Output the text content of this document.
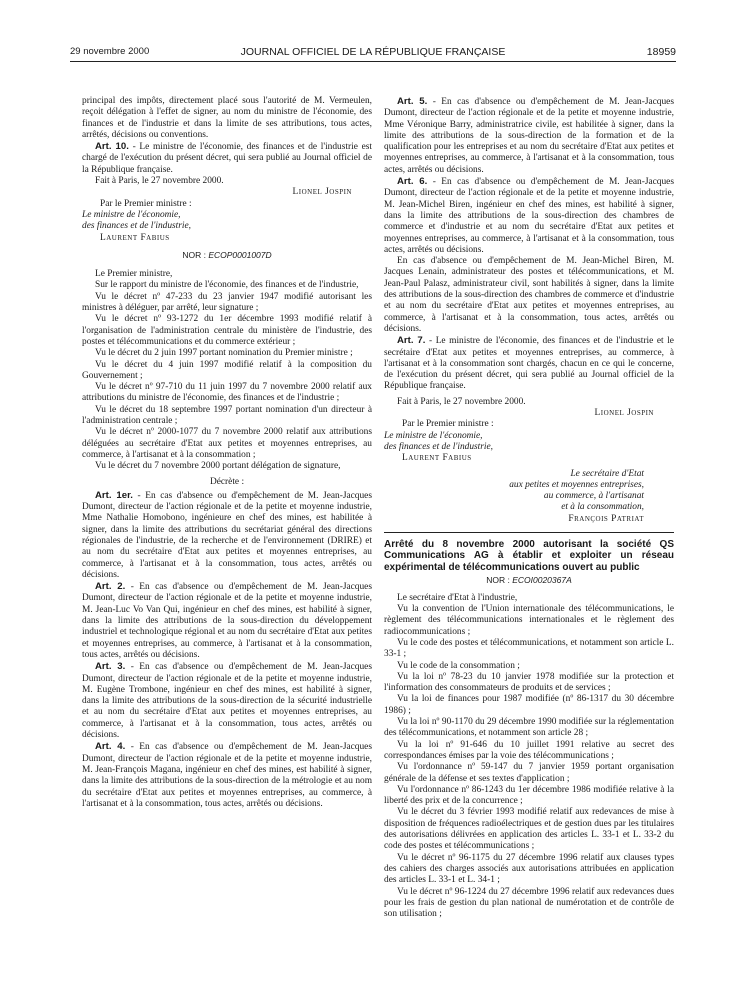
29 novembre 2000	JOURNAL OFFICIEL DE LA RÉPUBLIQUE FRANÇAISE	18959

principal des impôts, directement placé sous l'autorité de M. Vermeulen, reçoit délégation à l'effet de signer, au nom du ministre de l'économie, des finances et de l'industrie et dans la limite de ses attributions, tous actes, arrêtés, décisions ou conventions.

Art. 10. - Le ministre de l'économie, des finances et de l'industrie est chargé de l'exécution du présent décret, qui sera publié au Journal officiel de la République française.

Fait à Paris, le 27 novembre 2000.

Lionel Jospin

Par le Premier ministre :

Le ministre de l'économie,

des finances et de l'industrie,

Laurent Fabius

NOR : ECOP0001007D

Le Premier ministre,

Sur le rapport du ministre de l'économie, des finances et de l'industrie,

Vu le décret nº 47-233 du 23 janvier 1947 modifié autorisant les ministres à déléguer, par arrêté, leur signature ;

Vu le décret nº 93-1272 du 1er décembre 1993 modifié relatif à l'organisation de l'administration centrale du ministère de l'industrie, des postes et télécommunications et du commerce extérieur ;

Vu le décret du 2 juin 1997 portant nomination du Premier ministre ;

Vu le décret du 4 juin 1997 modifié relatif à la composition du Gouvernement ;

Vu le décret nº 97-710 du 11 juin 1997 du 7 novembre 2000 relatif aux attributions du ministre de l'économie, des finances et de l'industrie ;

Vu le décret du 18 septembre 1997 portant nomination d'un directeur à l'administration centrale ;

Vu le décret nº 2000-1077 du 7 novembre 2000 relatif aux attributions déléguées au secrétaire d'Etat aux petites et moyennes entreprises, au commerce, à l'artisanat et à la consommation ;

Vu le décret du 7 novembre 2000 portant délégation de signature,

Décrète :

Art. 1er. - En cas d'absence ou d'empêchement de M. Jean-Jacques Dumont, directeur de l'action régionale et de la petite et moyenne industrie, Mme Nathalie Homobono, ingénieure en chef des mines, est habilitée à signer, dans la limite des attributions du secrétariat général des directions régionales de l'industrie, de la recherche et de l'environnement (DRIRE) et au nom du secrétaire d'Etat aux petites et moyennes entreprises, au commerce, à l'artisanat et à la consommation, tous actes, arrêtés ou décisions.

Art. 2. - En cas d'absence ou d'empêchement de M. Jean-Jacques Dumont, directeur de l'action régionale et de la petite et moyenne industrie, M. Jean-Luc Vo Van Qui, ingénieur en chef des mines, est habilité à signer, dans la limite des attributions de la sous-direction du développement industriel et technologique régional et au nom du secrétaire d'Etat aux petites et moyennes entreprises, au commerce, à l'artisanat et à la consommation, tous actes, arrêtés ou décisions.

Art. 3. - En cas d'absence ou d'empêchement de M. Jean-Jacques Dumont, directeur de l'action régionale et de la petite et moyenne industrie, M. Eugène Trombone, ingénieur en chef des mines, est habilité à signer, dans la limite des attributions de la sous-direction de la sécurité industrielle et au nom du secrétaire d'Etat aux petites et moyennes entreprises, au commerce, à l'artisanat et à la consommation, tous actes, arrêtés ou décisions.

Art. 4. - En cas d'absence ou d'empêchement de M. Jean-Jacques Dumont, directeur de l'action régionale et de la petite et moyenne industrie, M. Jean-François Magana, ingénieur en chef des mines, est habilité à signer, dans la limite des attributions de la sous-direction de la métrologie et au nom du secrétaire d'Etat aux petites et moyennes entreprises, au commerce, à l'artisanat et à la consommation, tous actes, arrêtés ou décisions.

Art. 5. - En cas d'absence ou d'empêchement de M. Jean-Jacques Dumont, directeur de l'action régionale et de la petite et moyenne industrie, Mme Véronique Barry, administratrice civile, est habilitée à signer, dans la limite des attributions de la sous-direction de la formation et de la qualification pour les entreprises et au nom du secrétaire d'Etat aux petites et moyennes entreprises, au commerce, à l'artisanat et à la consommation, tous actes, arrêtés ou décisions.

Art. 6. - En cas d'absence ou d'empêchement de M. Jean-Jacques Dumont, directeur de l'action régionale et de la petite et moyenne industrie, M. Jean-Michel Biren, ingénieur en chef des mines, est habilité à signer, dans la limite des attributions de la sous-direction des chambres de commerce et d'industrie et au nom du secrétaire d'Etat aux petites et moyennes entreprises, au commerce, à l'artisanat et à la consommation, tous actes, arrêtés ou décisions.

En cas d'absence ou d'empêchement de M. Jean-Michel Biren, M. Jacques Lenain, administrateur des postes et télécommunications, et M. Jean-Paul Palasz, administrateur civil, sont habilités à signer, dans la limite des attributions de la sous-direction des chambres de commerce et d'industrie et au nom du secrétaire d'Etat aux petites et moyennes entreprises, au commerce, à l'artisanat et à la consommation, tous actes, arrêtés ou décisions.

Art. 7. - Le ministre de l'économie, des finances et de l'industrie et le secrétaire d'Etat aux petites et moyennes entreprises, au commerce, à l'artisanat et à la consommation sont chargés, chacun en ce qui le concerne, de l'exécution du présent décret, qui sera publié au Journal officiel de la République française.

Fait à Paris, le 27 novembre 2000.

Lionel Jospin

Par le Premier ministre :

Le ministre de l'économie,

des finances et de l'industrie,

Laurent Fabius

Le secrétaire d'Etat

aux petites et moyennes entreprises,

au commerce, à l'artisanat

et à la consommation,

François Patriat

Arrêté du 8 novembre 2000 autorisant la société QS Communications AG à établir et exploiter un réseau expérimental de télécommunications ouvert au public

NOR : ECOI0020367A

Le secrétaire d'Etat à l'industrie,

Vu la convention de l'Union internationale des télécommunications, le règlement des télécommunications internationales et le règlement des radiocommunications ;

Vu le code des postes et télécommunications, et notamment son article L. 33-1 ;

Vu le code de la consommation ;

Vu la loi nº 78-23 du 10 janvier 1978 modifiée sur la protection et l'information des consommateurs de produits et de services ;

Vu la loi de finances pour 1987 modifiée (nº 86-1317 du 30 décembre 1986) ;

Vu la loi nº 90-1170 du 29 décembre 1990 modifiée sur la réglementation des télécommunications, et notamment son article 28 ;

Vu la loi nº 91-646 du 10 juillet 1991 relative au secret des correspondances émises par la voie des télécommunications ;

Vu l'ordonnance nº 59-147 du 7 janvier 1959 portant organisation générale de la défense et ses textes d'application ;

Vu l'ordonnance nº 86-1243 du 1er décembre 1986 modifiée relative à la liberté des prix et de la concurrence ;

Vu le décret du 3 février 1993 modifié relatif aux redevances de mise à disposition de fréquences radioélectriques et de gestion dues par les titulaires des autorisations délivrées en application des articles L. 33-1 et L. 33-2 du code des postes et télécommunications ;

Vu le décret nº 96-1175 du 27 décembre 1996 relatif aux clauses types des cahiers des charges associés aux autorisations attribuées en application des articles L. 33-1 et L. 34-1 ;

Vu le décret nº 96-1224 du 27 décembre 1996 relatif aux redevances dues pour les frais de gestion du plan national de numérotation et de contrôle de son utilisation ;
